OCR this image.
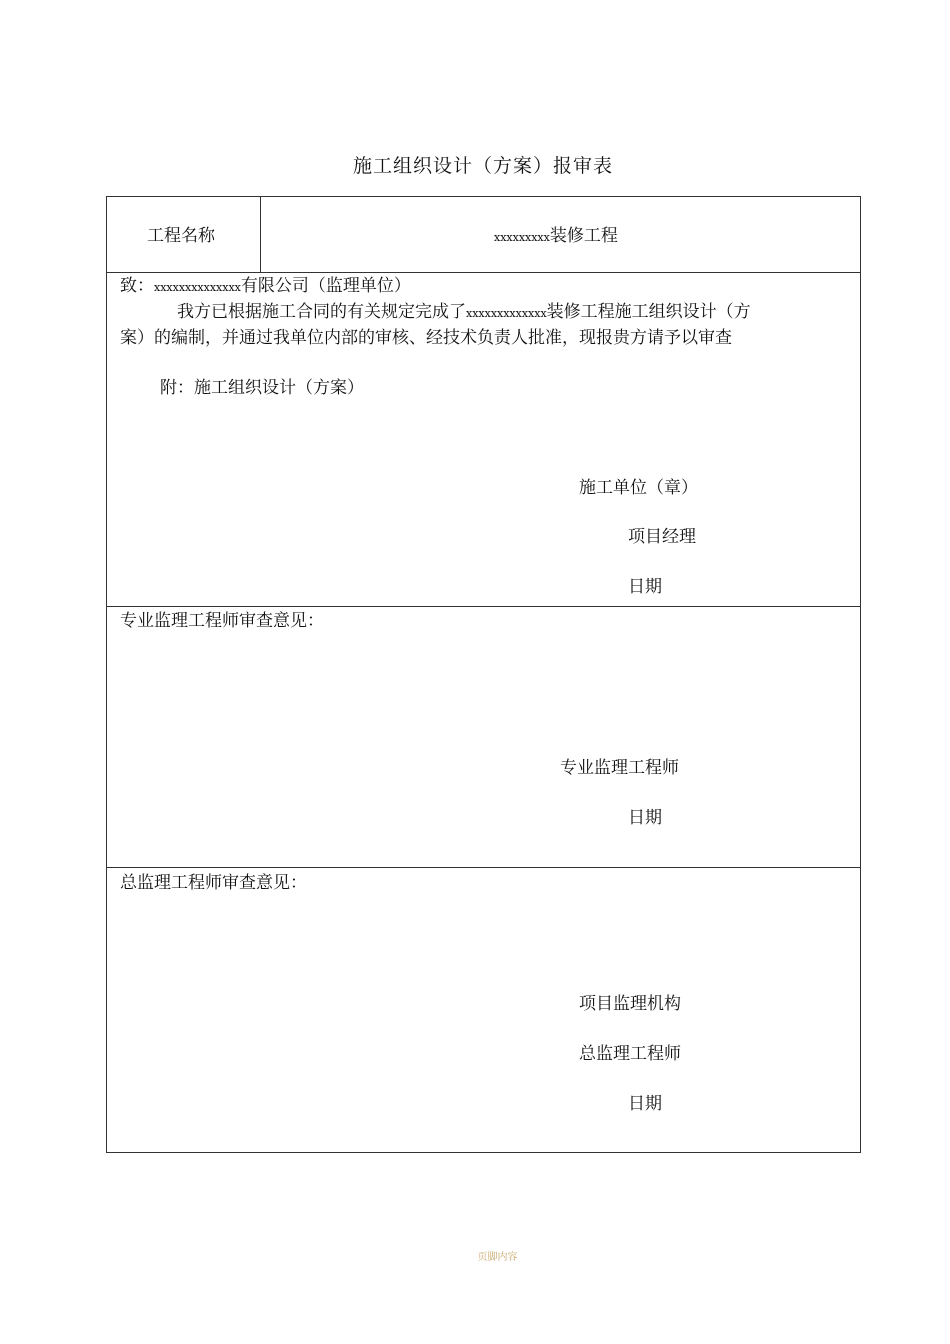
施工组织设计（方案）报审表
工程名称	xxxxxxxxx装修工程
致：xxxxxxxxxxxxxx有限公司（监理单位）
我方已根据施工合同的有关规定完成了xxxxxxxxxxxxx装修工程施工组织设计（方
案）的编制，并通过我单位内部的审核、经技术负责人批准，现报贵方请予以审查
附：施工组织设计（方案）
施工单位（章）
项目经理
日期
专业监理工程师审查意见：
专业监理工程师
日期
总监理工程师审查意见：
项目监理机构
总监理工程师
日期
页脚内容
